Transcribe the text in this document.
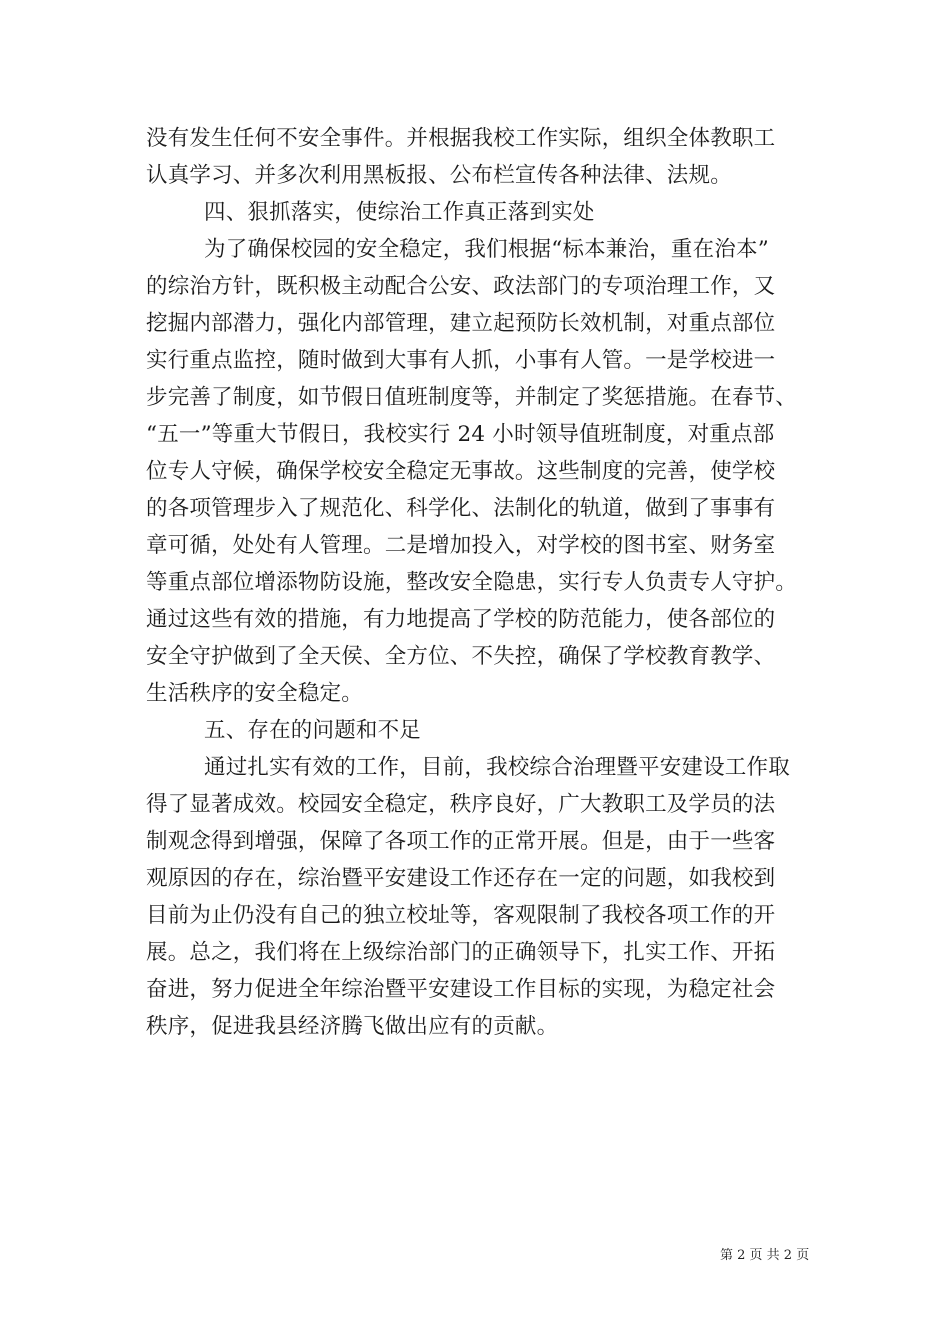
没有发生任何不安全事件。并根据我校工作实际，组织全体教职工
认真学习、并多次利用黑板报、公布栏宣传各种法律、法规。
四、狠抓落实，使综治工作真正落到实处
为了确保校园的安全稳定，我们根据“标本兼治，重在治本”
的综治方针，既积极主动配合公安、政法部门的专项治理工作，又
挖掘内部潜力，强化内部管理，建立起预防长效机制，对重点部位
实行重点监控，随时做到大事有人抓，小事有人管。一是学校进一
步完善了制度，如节假日值班制度等，并制定了奖惩措施。在春节、
“五一”等重大节假日，我校实行 24 小时领导值班制度，对重点部
位专人守候，确保学校安全稳定无事故。这些制度的完善，使学校
的各项管理步入了规范化、科学化、法制化的轨道，做到了事事有
章可循，处处有人管理。二是增加投入，对学校的图书室、财务室
等重点部位增添物防设施，整改安全隐患，实行专人负责专人守护。
通过这些有效的措施，有力地提高了学校的防范能力，使各部位的
安全守护做到了全天侯、全方位、不失控，确保了学校教育教学、
生活秩序的安全稳定。
五、存在的问题和不足
通过扎实有效的工作，目前，我校综合治理暨平安建设工作取
得了显著成效。校园安全稳定，秩序良好，广大教职工及学员的法
制观念得到增强，保障了各项工作的正常开展。但是，由于一些客
观原因的存在，综治暨平安建设工作还存在一定的问题，如我校到
目前为止仍没有自己的独立校址等，客观限制了我校各项工作的开
展。总之，我们将在上级综治部门的正确领导下，扎实工作、开拓
奋进，努力促进全年综治暨平安建设工作目标的实现，为稳定社会
秩序，促进我县经济腾飞做出应有的贡献。
第 2 页 共 2 页
